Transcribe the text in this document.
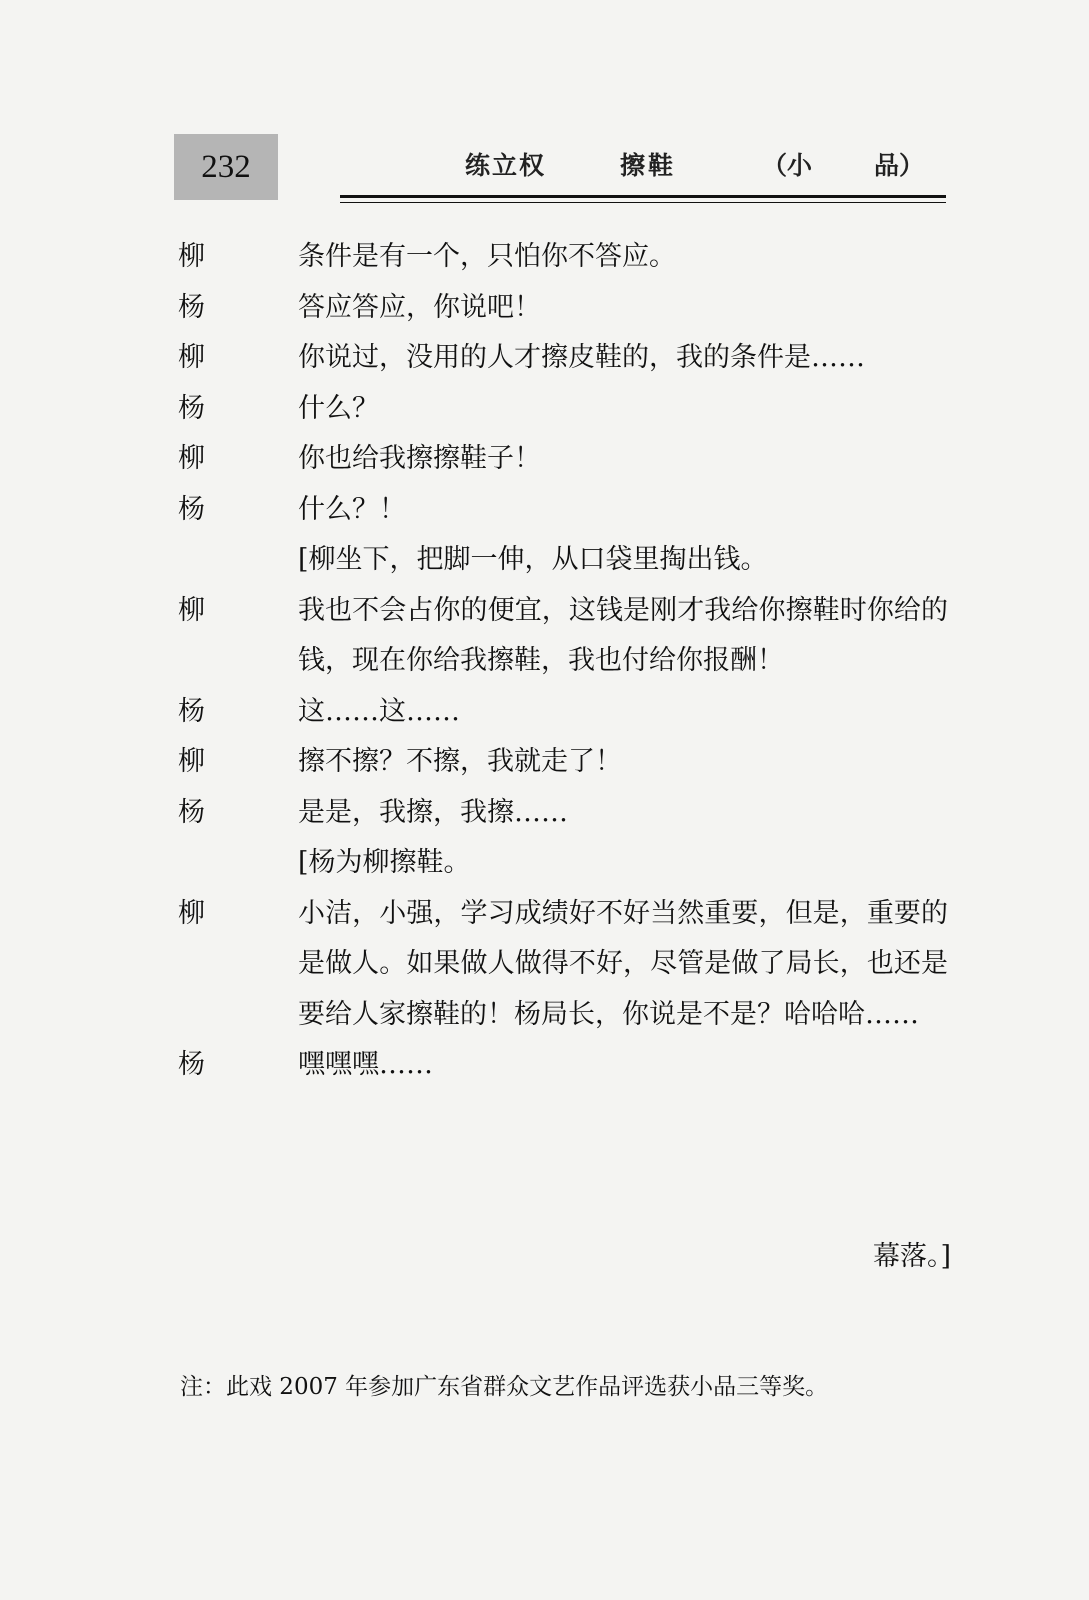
232	练立权	擦鞋	（小 品）
柳	条件是有一个，只怕你不答应。
杨	答应答应，你说吧！
柳	你说过，没用的人才擦皮鞋的，我的条件是……
杨	什么？
柳	你也给我擦擦鞋子！
杨	什么？！
[柳坐下，把脚一伸，从口袋里掏出钱。
柳	我也不会占你的便宜，这钱是刚才我给你擦鞋时你给的钱，现在你给我擦鞋，我也付给你报酬！
杨	这……这……
柳	擦不擦？不擦，我就走了！
杨	是是，我擦，我擦……
[杨为柳擦鞋。
柳	小洁，小强，学习成绩好不好当然重要，但是，重要的是做人。如果做人做得不好，尽管是做了局长，也还是要给人家擦鞋的！杨局长，你说是不是？哈哈哈……
杨	嘿嘿嘿……
幕落。]
注：此戏 2007 年参加广东省群众文艺作品评选获小品三等奖。
